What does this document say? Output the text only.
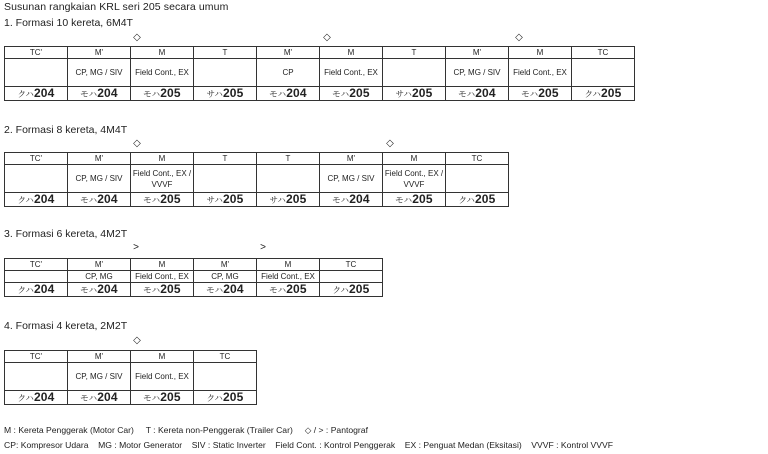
Susunan rangkaian KRL seri 205 secara umum
1. Formasi 10 kereta, 6M4T
◇	◇	◇
TC'	M'	M	T	M'	M	T	M'	M	TC
	CP, MG / SIV	Field Cont., EX		CP	Field Cont., EX		CP, MG / SIV	Field Cont., EX	
クハ204	モハ204	モハ205	サハ205	モハ204	モハ205	サハ205	モハ204	モハ205	クハ205
2. Formasi 8 kereta, 4M4T
◇	◇
TC'	M'	M	T	T	M'	M	TC
	CP, MG / SIV	Field Cont., EX / VVVF			CP, MG / SIV	Field Cont., EX / VVVF	
クハ204	モハ204	モハ205	サハ205	サハ205	モハ204	モハ205	クハ205
3. Formasi 6 kereta, 4M2T
>	>
TC'	M'	M	M'	M	TC
	CP, MG	Field Cont., EX	CP, MG	Field Cont., EX	
クハ204	モハ204	モハ205	モハ204	モハ205	クハ205
4. Formasi 4 kereta, 2M2T
◇
TC'	M'	M	TC
	CP, MG / SIV	Field Cont., EX	
クハ204	モハ204	モハ205	クハ205
M : Kereta Penggerak (Motor Car)     T : Kereta non-Penggerak (Trailer Car)     ◇ / > : Pantograf
CP: Kompresor Udara    MG : Motor Generator    SIV : Static Inverter    Field Cont. : Kontrol Penggerak    EX : Penguat Medan (Eksitasi)    VVVF : Kontrol VVVF
